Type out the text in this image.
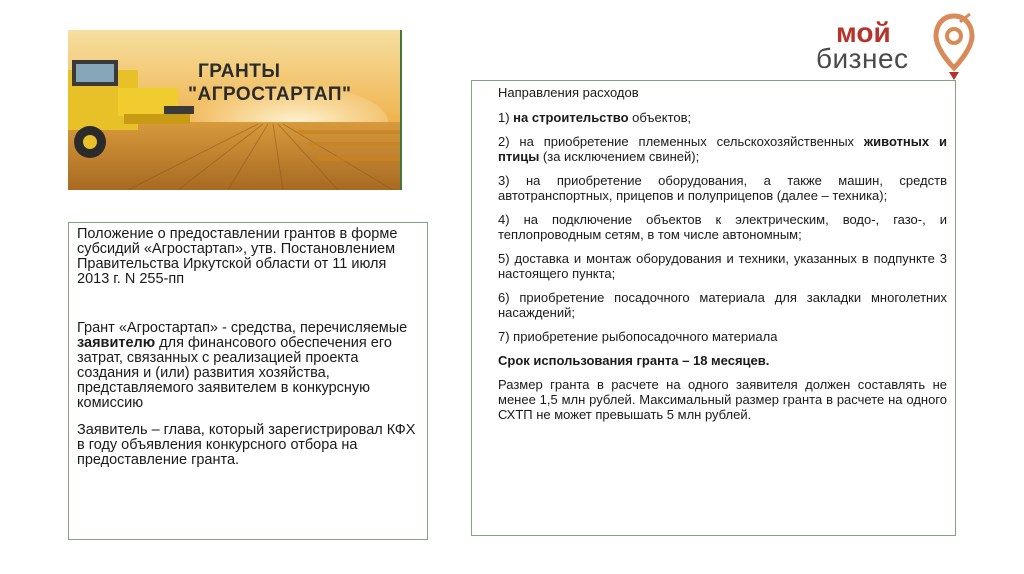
ГРАНТЫ
"АГРОСТАРТАП"
мой
бизнес

Положение о предоставлении грантов в форме субсидий «Агростартап», утв. Постановлением Правительства Иркутской области от 11 июля 2013 г. N 255-пп

Грант «Агростартап» - средства, перечисляемые заявителю для финансового обеспечения его затрат, связанных с реализацией проекта создания и (или) развития хозяйства, представляемого заявителем в конкурсную комиссию

Заявитель – глава, который зарегистрировал КФХ в году объявления конкурсного отбора на предоставление гранта.

Направления расходов

1) на строительство объектов;

2) на приобретение племенных сельскохозяйственных животных и птицы (за исключением свиней);

3) на приобретение оборудования, а также машин, средств автотранспортных, прицепов и полуприцепов (далее – техника);

4) на подключение объектов к электрическим, водо-, газо-, и теплопроводным сетям, в том числе автономным;

5) доставка и монтаж оборудования и техники, указанных в подпункте 3 настоящего пункта;

6) приобретение посадочного материала для закладки многолетних насаждений;

7) приобретение рыбопосадочного материала

Срок использования гранта – 18 месяцев.

Размер гранта в расчете на одного заявителя должен составлять не менее 1,5 млн рублей. Максимальный размер гранта в расчете на одного СХТП не может превышать 5 млн рублей.
